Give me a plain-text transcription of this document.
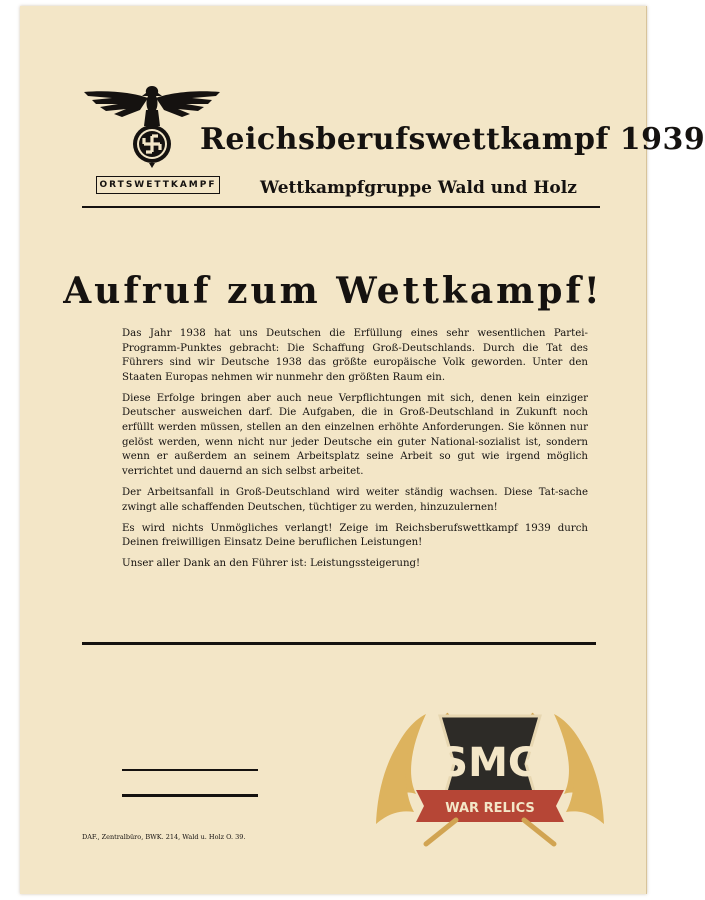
Reichsberufswettkampf 1939
ORTSWETTKAMPF	Wettkampfgruppe Wald und Holz
Aufruf zum Wettkampf!

Das Jahr 1938 hat uns Deutschen die Erfüllung eines sehr wesentlichen Partei-Programm-Punktes gebracht: Die Schaffung Groß-Deutschlands. Durch die Tat des Führers sind wir Deutsche 1938 das größte europäische Volk geworden. Unter den Staaten Europas nehmen wir nunmehr den größten Raum ein.

Diese Erfolge bringen aber auch neue Verpflichtungen mit sich, denen kein einziger Deutscher ausweichen darf. Die Aufgaben, die in Groß-Deutschland in Zukunft noch erfüllt werden müssen, stellen an den einzelnen erhöhte Anforderungen. Sie können nur gelöst werden, wenn nicht nur jeder Deutsche ein guter National-sozialist ist, sondern wenn er außerdem an seinem Arbeitsplatz seine Arbeit so gut wie irgend möglich verrichtet und dauernd an sich selbst arbeitet.

Der Arbeitsanfall in Groß-Deutschland wird weiter ständig wachsen. Diese Tat-sache zwingt alle schaffenden Deutschen, tüchtiger zu werden, hinzuzulernen!

Es wird nichts Unmögliches verlangt! Zeige im Reichsberufswettkampf 1939 durch Deinen freiwilligen Einsatz Deine beruflichen Leistungen!

Unser aller Dank an den Führer ist: Leistungssteigerung!

DAF., Zentralbüro, BWK. 214, Wald u. Holz O. 39.
SMG
WAR RELICS
